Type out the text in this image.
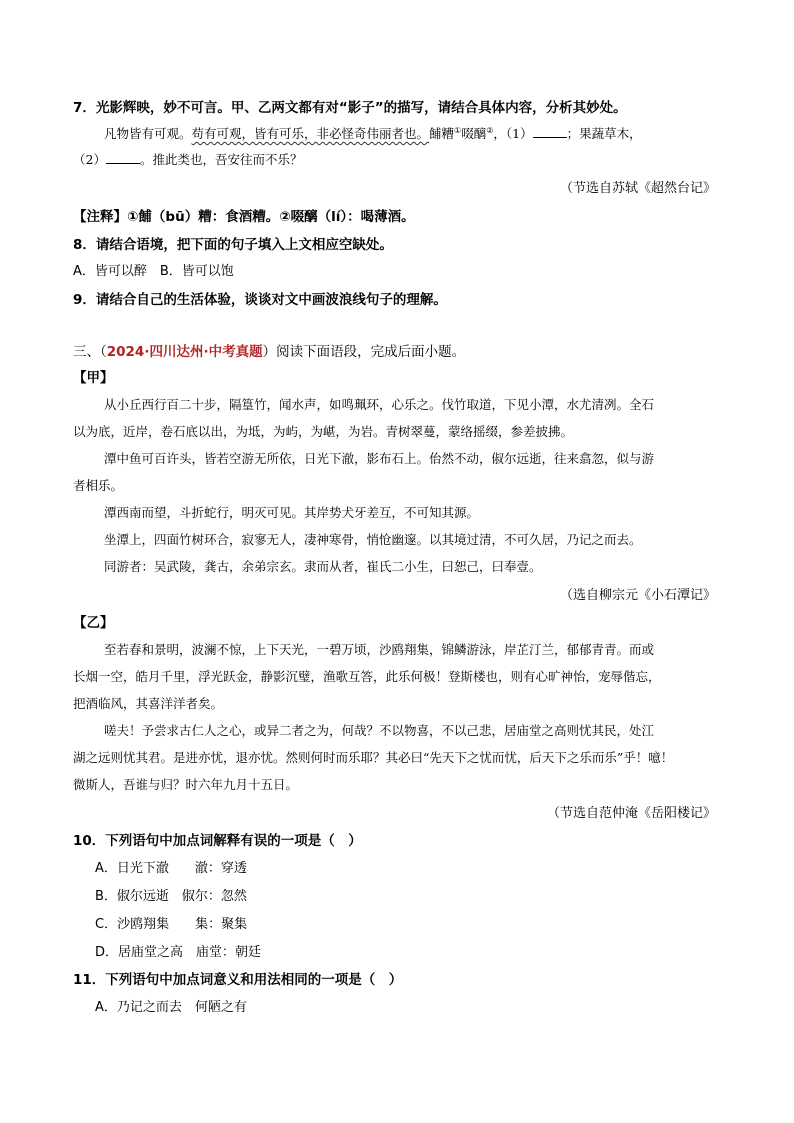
7．光影辉映，妙不可言。甲、乙两文都有对“影子”的描写，请结合具体内容，分析其妙处。
凡物皆有可观。苟有可观，皆有可乐，非必怪奇伟丽者也。餔糟①啜醨②，（1）	；果蔬草木，
（2）	。推此类也，吾安往而不乐？
（节选自苏轼《超然台记》
【注释】①餔（bū）糟：食酒糟。②啜醨（lí）：喝薄酒。
8．请结合语境，把下面的句子填入上文相应空缺处。
A．皆可以醉　B．皆可以饱
9．请结合自己的生活体验，谈谈对文中画波浪线句子的理解。
三、（2024·四川达州·中考真题）阅读下面语段，完成后面小题。
【甲】
从小丘西行百二十步，隔篁竹，闻水声，如鸣珮环，心乐之。伐竹取道，下见小潭，水尤清冽。全石
以为底，近岸，卷石底以出，为坻，为屿，为嵁，为岩。青树翠蔓，蒙络摇缀，参差披拂。
潭中鱼可百许头，皆若空游无所依，日光下澈，影布石上。佁然不动，俶尔远逝，往来翕忽，似与游
者相乐。
潭西南而望，斗折蛇行，明灭可见。其岸势犬牙差互，不可知其源。
坐潭上，四面竹树环合，寂寥无人，凄神寒骨，悄怆幽邃。以其境过清，不可久居，乃记之而去。
同游者：吴武陵，龚古，余弟宗玄。隶而从者，崔氏二小生，曰恕己，曰奉壹。
（选自柳宗元《小石潭记》
【乙】
至若春和景明，波澜不惊，上下天光，一碧万顷，沙鸥翔集，锦鳞游泳，岸芷汀兰，郁郁青青。而或
长烟一空，皓月千里，浮光跃金，静影沉璧，渔歌互答，此乐何极！登斯楼也，则有心旷神怡，宠辱偕忘，
把酒临风，其喜洋洋者矣。
嗟夫！予尝求古仁人之心，或异二者之为，何哉？不以物喜，不以己悲，居庙堂之高则忧其民，处江
湖之远则忧其君。是进亦忧，退亦忧。然则何时而乐耶？其必曰“先天下之忧而忧，后天下之乐而乐”乎！噫！
微斯人，吾谁与归？时六年九月十五日。
（节选自范仲淹《岳阳楼记》
10．下列语句中加点词解释有误的一项是（　）
A．日光下澈　　澈：穿透
B．俶尔远逝　俶尔：忽然
C．沙鸥翔集　　集：聚集
D．居庙堂之高　庙堂：朝廷
11．下列语句中加点词意义和用法相同的一项是（　）
A．乃记之而去　何陋之有
